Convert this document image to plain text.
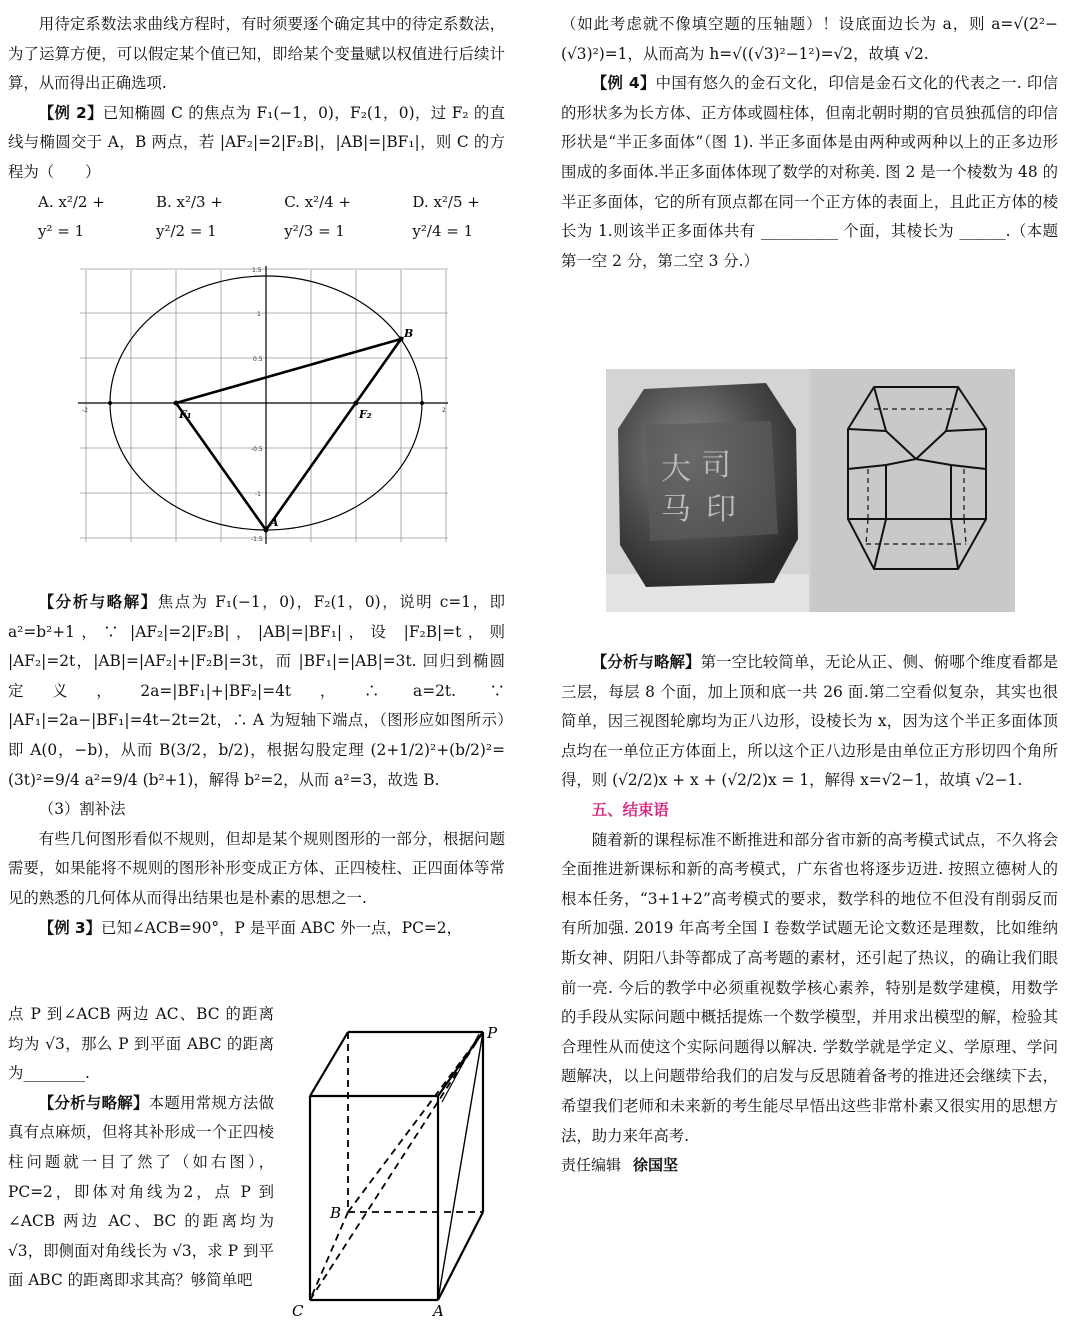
用待定系数法求曲线方程时，有时须要逐个确定其中的待定系数法，为了运算方便，可以假定某个值已知，即给某个变量赋以权值进行后续计算，从而得出正确选项.

【例 2】已知椭圆 C 的焦点为 F₁(−1，0)，F₂(1，0)，过 F₂ 的直线与椭圆交于 A，B 两点，若 |AF₂|=2|F₂B|，|AB|=|BF₁|，则 C 的方程为（　　）

A. x²/2 + y² = 1
B. x²/3 + y²/2 = 1
C. x²/4 + y²/3 = 1
D. x²/5 + y²/4 = 1
B
A
F₁	F₂
-2	2
1.5
1
0.5
-0.5
-1
-1.5

【分析与略解】焦点为 F₁(−1，0)，F₂(1，0)，说明 c=1，即 a²=b²+1，∵ |AF₂|=2|F₂B|，|AB|=|BF₁|，设 |F₂B|=t，则 |AF₂|=2t，|AB|=|AF₂|+|F₂B|=3t，而 |BF₁|=|AB|=3t. 回归到椭圆定义，2a=|BF₁|+|BF₂|=4t，∴ a=2t. ∵ |AF₁|=2a−|BF₁|=4t−2t=2t，∴ A 为短轴下端点，（图形应如图所示）即 A(0，−b)，从而 B(3/2，b/2)，根据勾股定理 (2+1/2)²+(b/2)²=(3t)²=9/4 a²=9/4 (b²+1)，解得 b²=2，从而 a²=3，故选 B.

（3）割补法

有些几何图形看似不规则，但却是某个规则图形的一部分，根据问题需要，如果能将不规则的图形补形变成正方体、正四棱柱、正四面体等常见的熟悉的几何体从而得出结果也是朴素的思想之一.

【例 3】已知∠ACB=90°，P 是平面 ABC 外一点，PC=2，

点 P 到∠ACB 两边 AC、BC 的距离均为 √3，那么 P 到平面 ABC 的距离为________.

【分析与略解】本题用常规方法做真有点麻烦，但将其补形成一个正四棱柱问题就一目了然了（如右图），PC=2，即体对角线为2，点 P 到∠ACB 两边 AC、BC 的距离均为 √3，即侧面对角线长为 √3，求 P 到平面 ABC 的距离即求其高？够简单吧

P
B
C	A

（如此考虑就不像填空题的压轴题）！设底面边长为 a，则 a=√(2²−(√3)²)=1，从而高为 h=√((√3)²−1²)=√2，故填 √2.

【例 4】中国有悠久的金石文化，印信是金石文化的代表之一. 印信的形状多为长方体、正方体或圆柱体，但南北朝时期的官员独孤信的印信形状是“半正多面体”（图 1). 半正多面体是由两种或两种以上的正多边形围成的多面体.半正多面体体现了数学的对称美. 图 2 是一个棱数为 48 的半正多面体，它的所有顶点都在同一个正方体的表面上，且此正方体的棱长为 1.则该半正多面体共有 __________ 个面，其棱长为 ______.（本题第一空 2 分，第二空 3 分.）

大 司
马 印

【分析与略解】第一空比较简单，无论从正、侧、俯哪个维度看都是三层，每层 8 个面，加上顶和底一共 26 面.第二空看似复杂，其实也很简单，因三视图轮廓均为正八边形，设棱长为 x，因为这个半正多面体顶点均在一单位正方体面上，所以这个正八边形是由单位正方形切四个角所得，则 (√2/2)x + x + (√2/2)x = 1，解得 x=√2−1，故填 √2−1.

五、结束语

随着新的课程标准不断推进和部分省市新的高考模式试点，不久将会全面推进新课标和新的高考模式，广东省也将逐步迈进. 按照立德树人的根本任务，“3+1+2”高考模式的要求，数学科的地位不但没有削弱反而有所加强. 2019 年高考全国 I 卷数学试题无论文数还是理数，比如维纳斯女神、阴阳八卦等都成了高考题的素材，还引起了热议，的确让我们眼前一亮. 今后的教学中必须重视数学核心素养，特别是数学建模，用数学的手段从实际问题中概括提炼一个数学模型，并用求出模型的解，检验其合理性从而使这个实际问题得以解决. 学数学就是学定义、学原理、学问题解决，以上问题带给我们的启发与反思随着备考的推进还会继续下去，希望我们老师和未来新的考生能尽早悟出这些非常朴素又很实用的思想方法，助力来年高考.

责任编辑 徐国坚
